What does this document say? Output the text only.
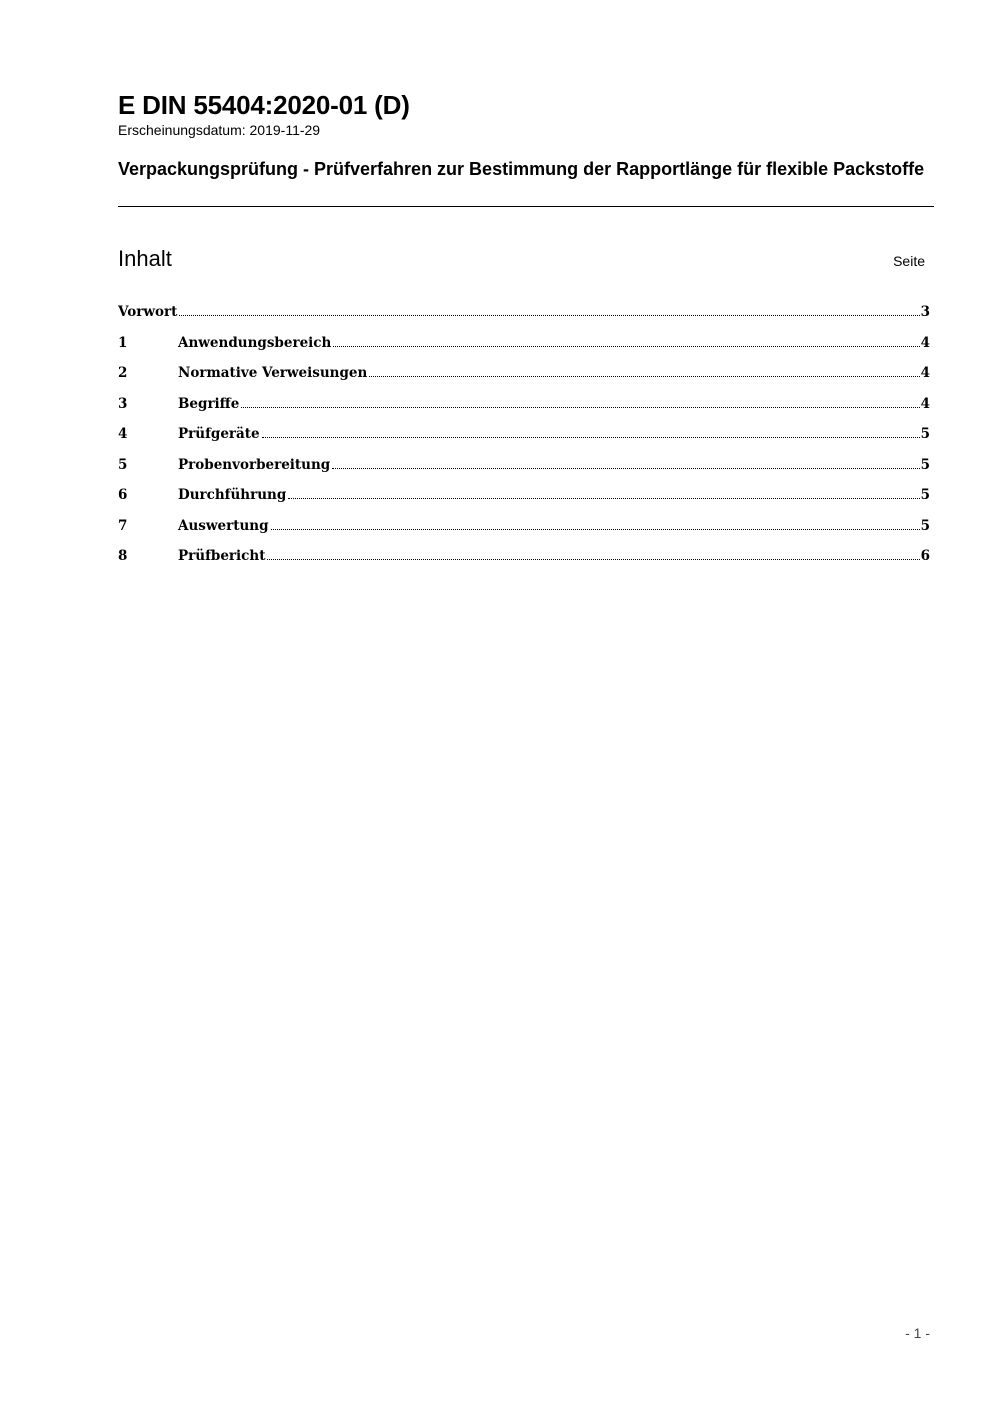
E DIN 55404:2020-01 (D)
Erscheinungsdatum: 2019-11-29
Verpackungsprüfung - Prüfverfahren zur Bestimmung der Rapportlänge für flexible Packstoffe
Inhalt	Seite
Vorwort	3
1	Anwendungsbereich	4
2	Normative Verweisungen	4
3	Begriffe	4
4	Prüfgeräte	5
5	Probenvorbereitung	5
6	Durchführung	5
7	Auswertung	5
8	Prüfbericht	6
- 1 -
